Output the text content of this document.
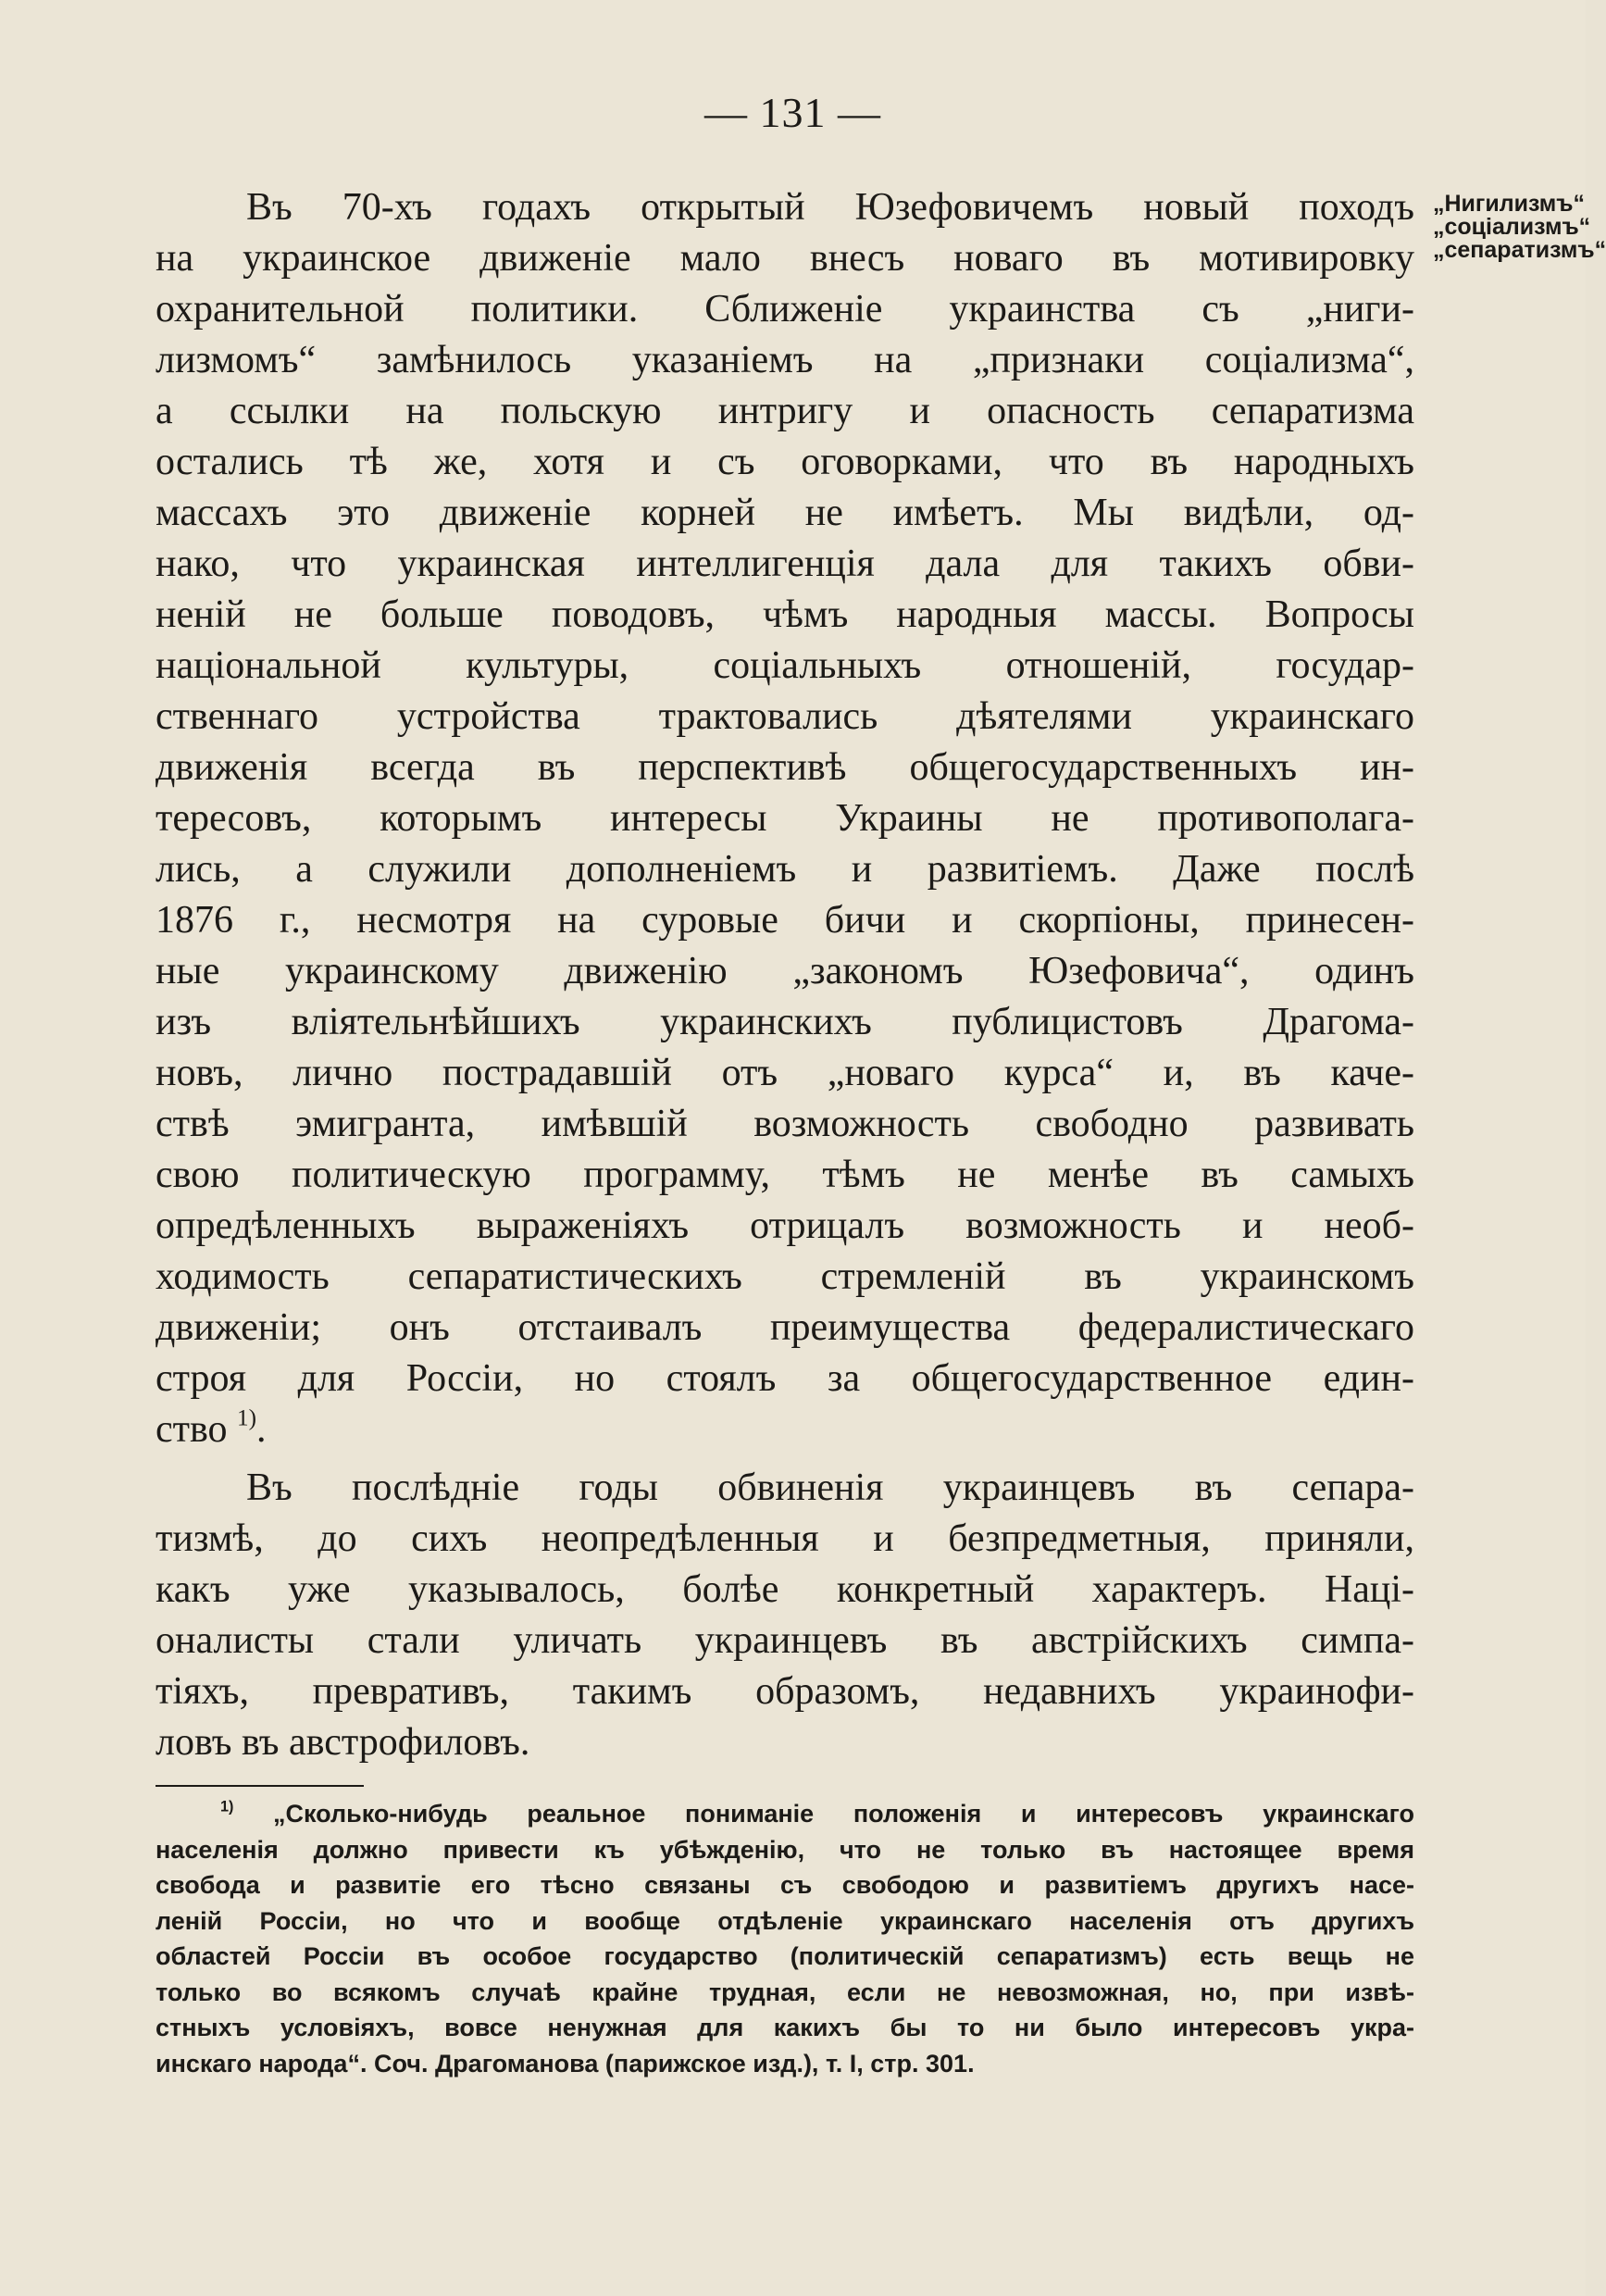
— 131 —
„Нигилизмъ“
„соціализмъ“
„сепаратизмъ“
Въ 70-хъ годахъ открытый Юзефовичемъ новый походъ
на украинское движеніе мало внесъ новаго въ мотивировку
охранительной политики. Сближеніе украинства съ „ниги-
лизмомъ“ замѣнилось указаніемъ на „признаки соціализма“,
а ссылки на польскую интригу и опасность сепаратизма
остались тѣ же, хотя и съ оговорками, что въ народныхъ
массахъ это движеніе корней не имѣетъ. Мы видѣли, од-
нако, что украинская интеллигенція дала для такихъ обви-
неній не больше поводовъ, чѣмъ народныя массы. Вопросы
національной культуры, соціальныхъ отношеній, государ-
ственнаго устройства трактовались дѣятелями украинскаго
движенія всегда въ перспективѣ общегосударственныхъ ин-
тересовъ, которымъ интересы Украины не противополага-
лись, а служили дополненіемъ и развитіемъ. Даже послѣ
1876 г., несмотря на суровые бичи и скорпіоны, принесен-
ные украинскому движенію „закономъ Юзефовича“, одинъ
изъ вліятельнѣйшихъ украинскихъ публицистовъ Драгома-
новъ, лично пострадавшій отъ „новаго курса“ и, въ каче-
ствѣ эмигранта, имѣвшій возможность свободно развивать
свою политическую программу, тѣмъ не менѣе въ самыхъ
опредѣленныхъ выраженіяхъ отрицалъ возможность и необ-
ходимость сепаратистическихъ стремленій въ украинскомъ
движеніи; онъ отстаивалъ преимущества федералистическаго
строя для Россіи, но стоялъ за общегосударственное един-
ство $^{1)}$.
Въ послѣдніе годы обвиненія украинцевъ въ сепара-
тизмѣ, до сихъ неопредѣленныя и безпредметныя, приняли,
какъ уже указывалось, болѣе конкретный характеръ. Наці-
оналисты стали уличать украинцевъ въ австрійскихъ симпа-
тіяхъ, превративъ, такимъ образомъ, недавнихъ украинофи-
ловъ въ австрофиловъ.
$^{1)}$ „Сколько-нибудь реальное пониманіе положенія и интересовъ украинскаго
населенія должно привести къ убѣжденію, что не только въ настоящее время
свобода и развитіе его тѣсно связаны съ свободою и развитіемъ другихъ насе-
леній Россіи, но что и вообще отдѣленіе украинскаго населенія отъ другихъ
областей Россіи въ особое государство (политическій сепаратизмъ) есть вещь не
только во всякомъ случаѣ крайне трудная, если не невозможная, но, при извѣ-
стныхъ условіяхъ, вовсе ненужная для какихъ бы то ни было интересовъ укра-
инскаго народа“. Соч. Драгоманова (парижское изд.), т. I, стр. 301.
